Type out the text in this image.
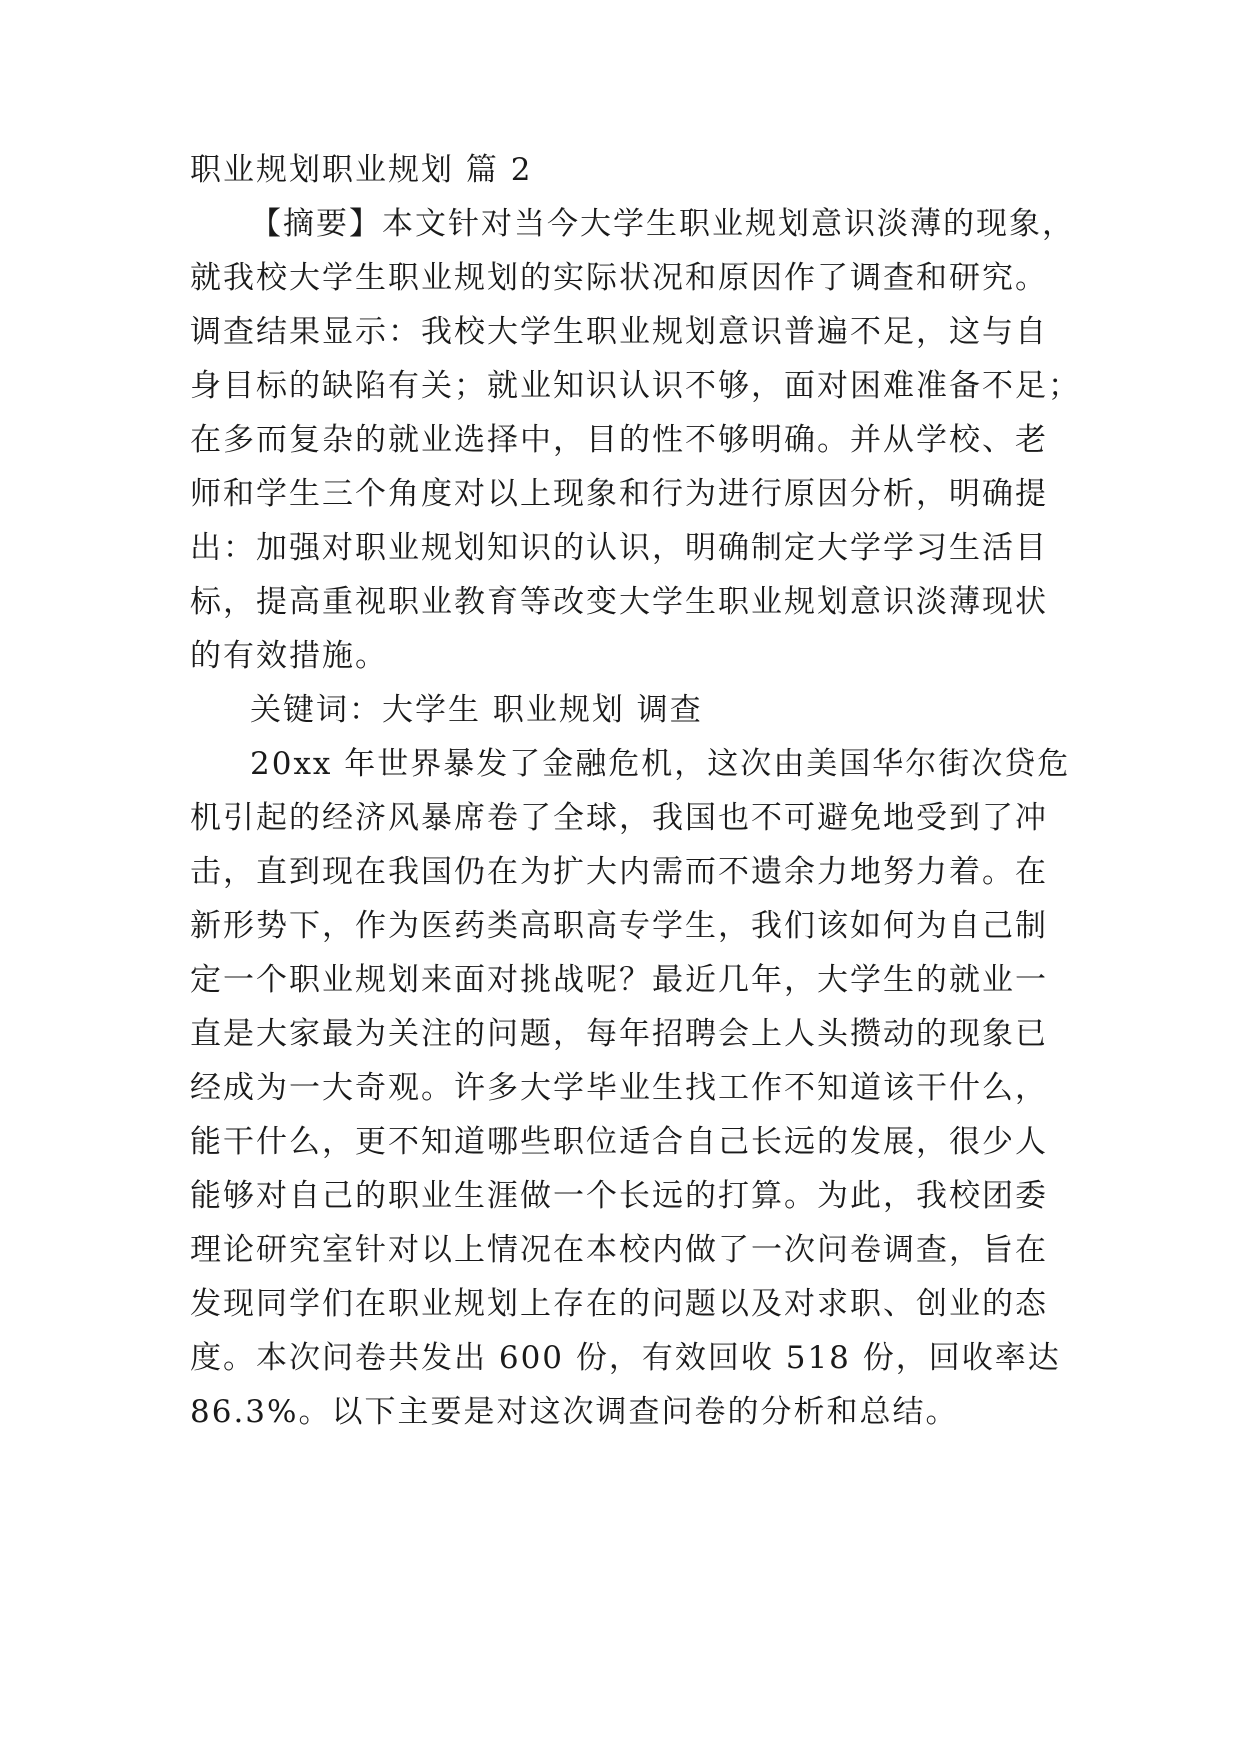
职业规划职业规划 篇 2
【摘要】本文针对当今大学生职业规划意识淡薄的现象，
就我校大学生职业规划的实际状况和原因作了调查和研究。
调查结果显示：我校大学生职业规划意识普遍不足，这与自
身目标的缺陷有关；就业知识认识不够，面对困难准备不足；
在多而复杂的就业选择中，目的性不够明确。并从学校、老
师和学生三个角度对以上现象和行为进行原因分析，明确提
出：加强对职业规划知识的认识，明确制定大学学习生活目
标，提高重视职业教育等改变大学生职业规划意识淡薄现状
的有效措施。
关键词：大学生 职业规划 调查
20xx 年世界暴发了金融危机，这次由美国华尔街次贷危
机引起的经济风暴席卷了全球，我国也不可避免地受到了冲
击，直到现在我国仍在为扩大内需而不遗余力地努力着。在
新形势下，作为医药类高职高专学生，我们该如何为自己制
定一个职业规划来面对挑战呢？最近几年，大学生的就业一
直是大家最为关注的问题，每年招聘会上人头攒动的现象已
经成为一大奇观。许多大学毕业生找工作不知道该干什么，
能干什么，更不知道哪些职位适合自己长远的发展，很少人
能够对自己的职业生涯做一个长远的打算。为此，我校团委
理论研究室针对以上情况在本校内做了一次问卷调查，旨在
发现同学们在职业规划上存在的问题以及对求职、创业的态
度。本次问卷共发出 600 份，有效回收 518 份，回收率达
86.3%。以下主要是对这次调查问卷的分析和总结。
